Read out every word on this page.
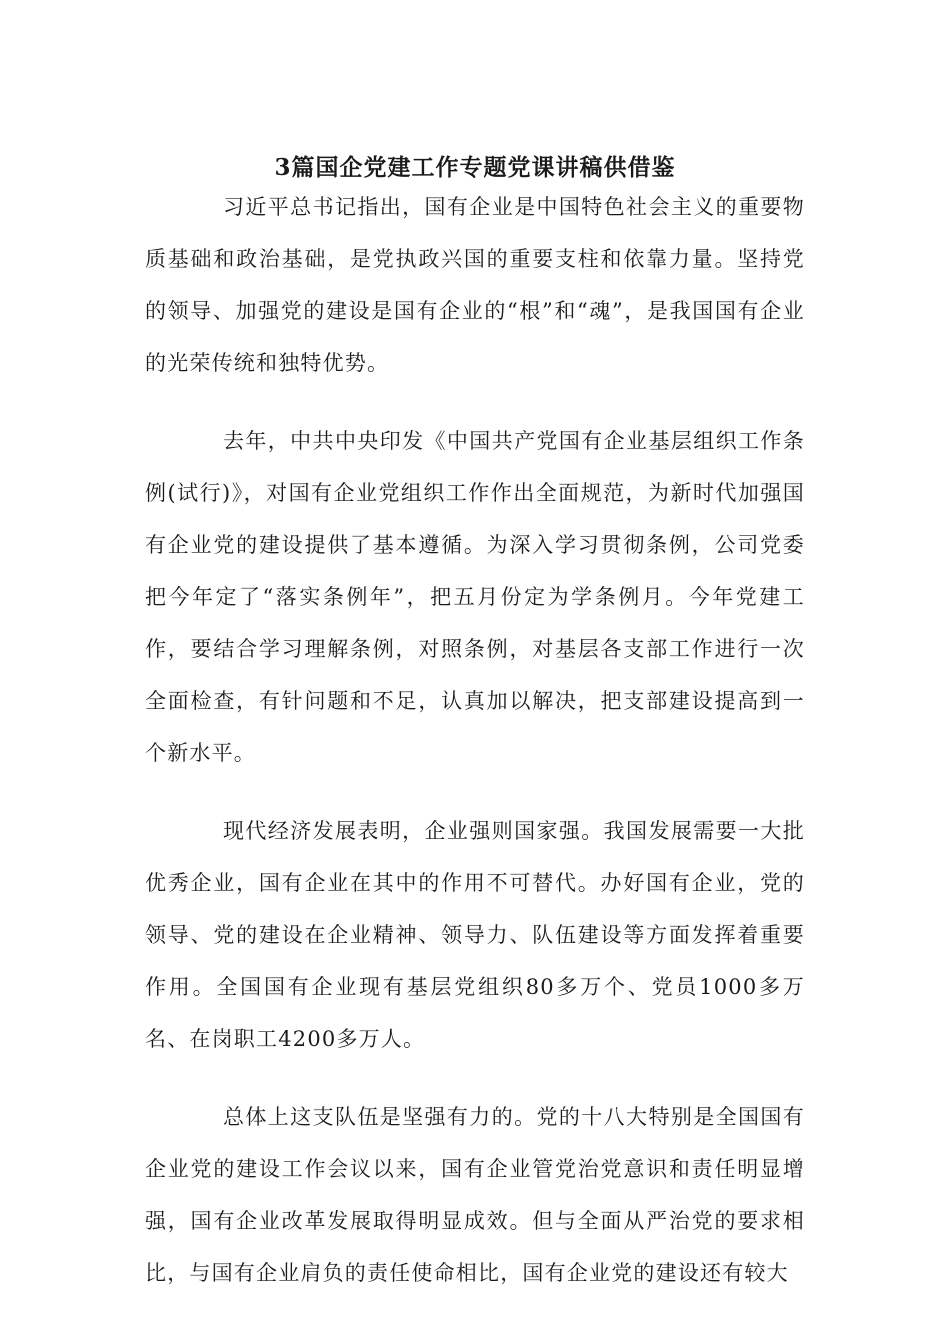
3篇国企党建工作专题党课讲稿供借鉴

习近平总书记指出，国有企业是中国特色社会主义的重要物质基础和政治基础，是党执政兴国的重要支柱和依靠力量。坚持党的领导、加强党的建设是国有企业的“根”和“魂”，是我国国有企业的光荣传统和独特优势。

去年，中共中央印发《中国共产党国有企业基层组织工作条例(试行)》，对国有企业党组织工作作出全面规范，为新时代加强国有企业党的建设提供了基本遵循。为深入学习贯彻条例，公司党委把今年定了“落实条例年”，把五月份定为学条例月。今年党建工作，要结合学习理解条例，对照条例，对基层各支部工作进行一次全面检查，有针问题和不足，认真加以解决，把支部建设提高到一个新水平。

现代经济发展表明，企业强则国家强。我国发展需要一大批优秀企业，国有企业在其中的作用不可替代。办好国有企业，党的领导、党的建设在企业精神、领导力、队伍建设等方面发挥着重要作用。全国国有企业现有基层党组织80多万个、党员1000多万名、在岗职工4200多万人。

总体上这支队伍是坚强有力的。党的十八大特别是全国国有企业党的建设工作会议以来，国有企业管党治党意识和责任明显增强，国有企业改革发展取得明显成效。但与全面从严治党的要求相比，与国有企业肩负的责任使命相比，国有企业党的建设还有较大
